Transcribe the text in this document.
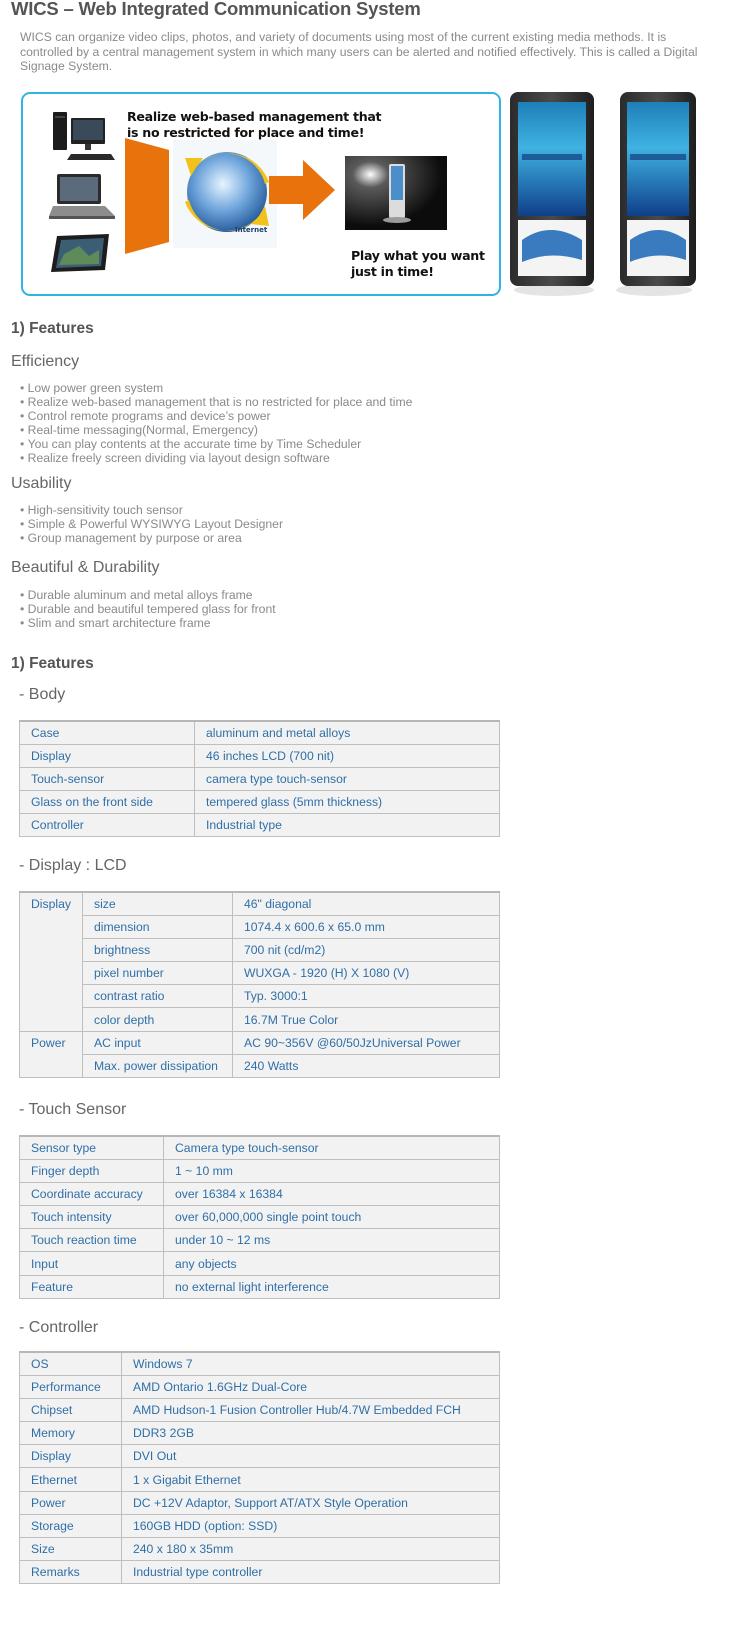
WICS – Web Integrated Communication System
WICS can organize video clips, photos, and variety of documents using most of the current existing media methods. It is controlled by a central management system in which many users can be alerted and notified effectively. This is called a Digital Signage System.
Internet
Realize web-based management that is no restricted for place and time!
Play what you want just in time!
1) Features
Efficiency
• Low power green system
• Realize web-based management that is no restricted for place and time
• Control remote programs and device’s power
• Real-time messaging(Normal, Emergency)
• You can play contents at the accurate time by Time Scheduler
• Realize freely screen dividing via layout design software
Usability
• High-sensitivity touch sensor
• Simple & Powerful WYSIWYG Layout Designer
• Group management by purpose or area
Beautiful & Durability
• Durable aluminum and metal alloys frame
• Durable and beautiful tempered glass for front
• Slim and smart architecture frame
1) Features
- Body
Case	aluminum and metal alloys
Display	46 inches LCD (700 nit)
Touch-sensor	camera type touch-sensor
Glass on the front side	tempered glass (5mm thickness)
Controller	Industrial type
- Display : LCD
Display	size	46" diagonal
	dimension	1074.4 x 600.6 x 65.0 mm
	brightness	700 nit (cd/m2)
	pixel number	WUXGA - 1920 (H) X 1080 (V)
	contrast ratio	Typ. 3000:1
	color depth	16.7M True Color
Power	AC input	AC 90~356V @60/50JzUniversal Power
	Max. power dissipation	240 Watts
- Touch Sensor
Sensor type	Camera type touch-sensor
Finger depth	1 ~ 10 mm
Coordinate accuracy	over 16384 x 16384
Touch intensity	over 60,000,000 single point touch
Touch reaction time	under 10 ~ 12 ms
Input	any objects
Feature	no external light interference
- Controller
OS	Windows 7
Performance	AMD Ontario 1.6GHz Dual-Core
Chipset	AMD Hudson-1 Fusion Controller Hub/4.7W Embedded FCH
Memory	DDR3 2GB
Display	DVI Out
Ethernet	1 x Gigabit Ethernet
Power	DC +12V Adaptor, Support AT/ATX Style Operation
Storage	160GB HDD (option: SSD)
Size	240 x 180 x 35mm
Remarks	Industrial type controller
